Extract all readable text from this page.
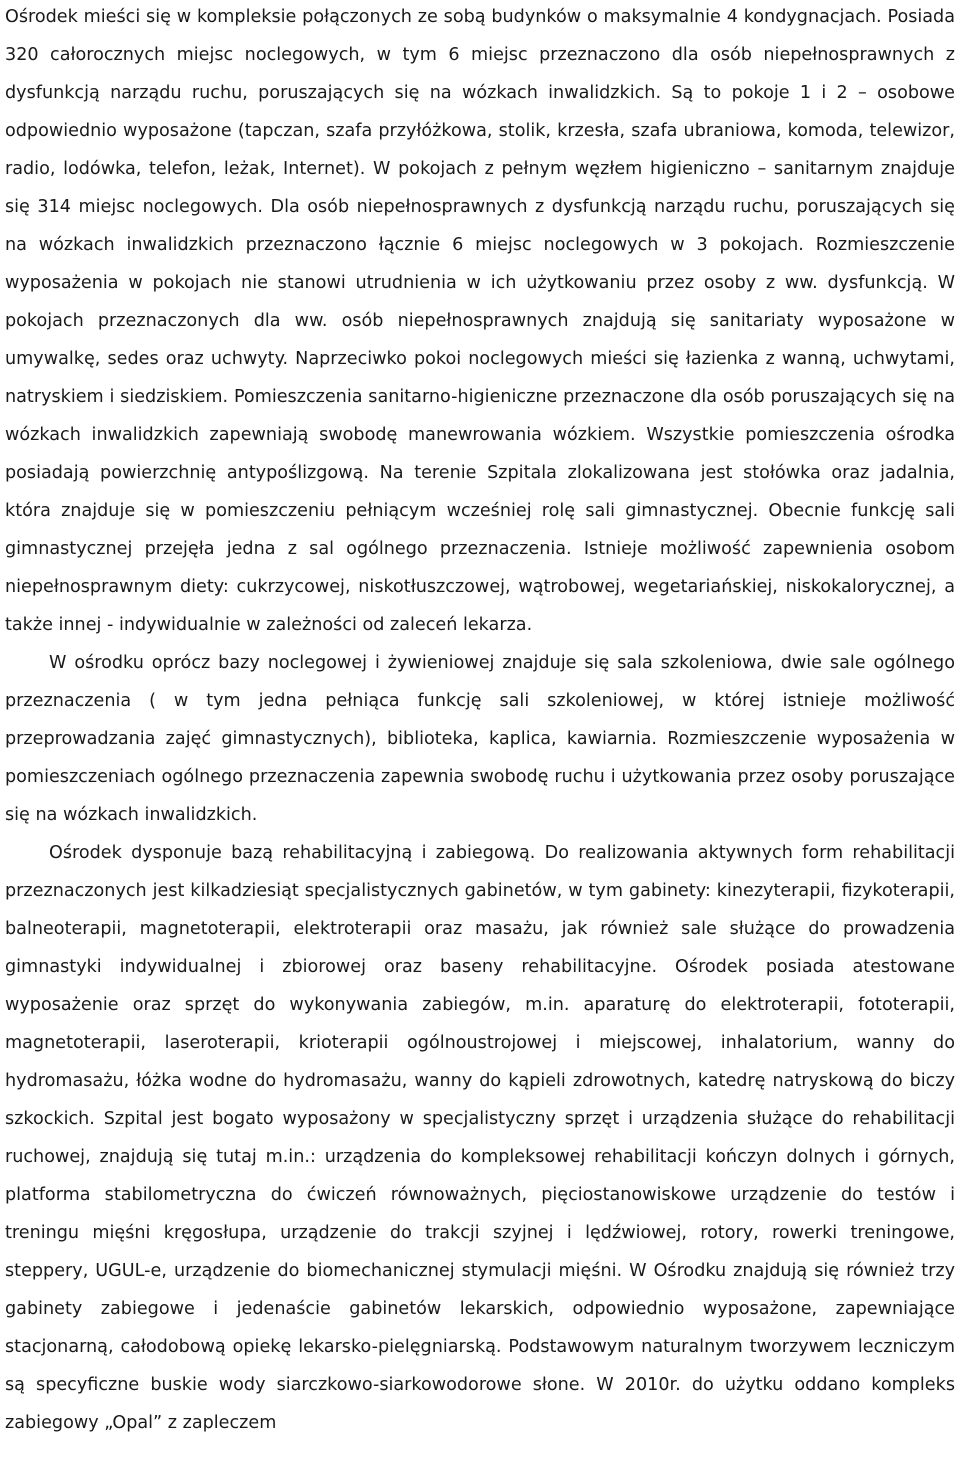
Ośrodek mieści się w kompleksie połączonych ze sobą budynków o maksymalnie 4 kondygnacjach. Posiada 320 całorocznych miejsc noclegowych, w tym 6 miejsc przeznaczono dla osób niepełnosprawnych z dysfunkcją narządu ruchu, poruszających się na wózkach inwalidzkich. Są to pokoje 1 i 2 – osobowe odpowiednio wyposażone (tapczan, szafa przyłóżkowa, stolik, krzesła, szafa ubraniowa, komoda, telewizor, radio, lodówka, telefon, leżak, Internet). W pokojach z pełnym węzłem higieniczno – sanitarnym znajduje się 314 miejsc noclegowych. Dla osób niepełnosprawnych z dysfunkcją narządu ruchu, poruszających się na wózkach inwalidzkich przeznaczono łącznie 6 miejsc noclegowych w 3 pokojach. Rozmieszczenie wyposażenia w pokojach nie stanowi utrudnienia w ich użytkowaniu przez osoby z ww. dysfunkcją. W pokojach przeznaczonych dla ww. osób niepełnosprawnych znajdują się sanitariaty wyposażone w umywalkę, sedes oraz uchwyty. Naprzeciwko pokoi noclegowych mieści się łazienka z wanną, uchwytami, natryskiem i siedziskiem. Pomieszczenia sanitarno-higieniczne przeznaczone dla osób poruszających się na wózkach inwalidzkich zapewniają swobodę manewrowania wózkiem. Wszystkie pomieszczenia ośrodka posiadają powierzchnię antypoślizgową. Na terenie Szpitala zlokalizowana jest stołówka oraz jadalnia, która znajduje się w pomieszczeniu pełniącym wcześniej rolę sali gimnastycznej. Obecnie funkcję sali gimnastycznej przejęła jedna z sal ogólnego przeznaczenia. Istnieje możliwość zapewnienia osobom niepełnosprawnym diety: cukrzycowej, niskotłuszczowej, wątrobowej, wegetariańskiej, niskokalorycznej, a także innej - indywidualnie w zależności od zaleceń lekarza.

W ośrodku oprócz bazy noclegowej i żywieniowej znajduje się sala szkoleniowa, dwie sale ogólnego przeznaczenia ( w tym jedna pełniąca funkcję sali szkoleniowej, w której istnieje możliwość przeprowadzania zajęć gimnastycznych), biblioteka, kaplica, kawiarnia. Rozmieszczenie wyposażenia w pomieszczeniach ogólnego przeznaczenia zapewnia swobodę ruchu i użytkowania przez osoby poruszające się na wózkach inwalidzkich.

Ośrodek dysponuje bazą rehabilitacyjną i zabiegową. Do realizowania aktywnych form rehabilitacji przeznaczonych jest kilkadziesiąt specjalistycznych gabinetów, w tym gabinety: kinezyterapii, fizykoterapii, balneoterapii, magnetoterapii, elektroterapii oraz masażu, jak również sale służące do prowadzenia gimnastyki indywidualnej i zbiorowej oraz baseny rehabilitacyjne. Ośrodek posiada atestowane wyposażenie oraz sprzęt do wykonywania zabiegów, m.in. aparaturę do elektroterapii, fototerapii, magnetoterapii, laseroterapii, krioterapii ogólnoustrojowej i miejscowej, inhalatorium, wanny do hydromasażu, łóżka wodne do hydromasażu, wanny do kąpieli zdrowotnych, katedrę natryskową do biczy szkockich. Szpital jest bogato wyposażony w specjalistyczny sprzęt i urządzenia służące do rehabilitacji ruchowej, znajdują się tutaj m.in.: urządzenia do kompleksowej rehabilitacji kończyn dolnych i górnych, platforma stabilometryczna do ćwiczeń równoważnych, pięciostanowiskowe urządzenie do testów i treningu mięśni kręgosłupa, urządzenie do trakcji szyjnej i lędźwiowej, rotory, rowerki treningowe, steppery, UGUL-e, urządzenie do biomechanicznej stymulacji mięśni. W Ośrodku znajdują się również trzy gabinety zabiegowe i jedenaście gabinetów lekarskich, odpowiednio wyposażone, zapewniające stacjonarną, całodobową opiekę lekarsko-pielęgniarską. Podstawowym naturalnym tworzywem leczniczym są specyficzne buskie wody siarczkowo-siarkowodorowe słone. W 2010r. do użytku oddano kompleks zabiegowy „Opal” z zapleczem
